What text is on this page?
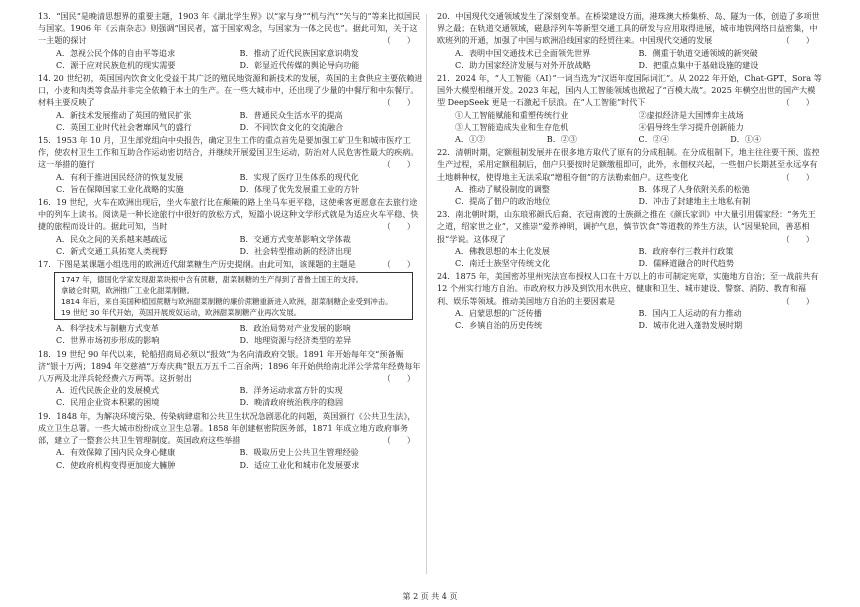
13．“国民”是晚清思想界的重要主题，1903 年《湖北学生界》以“家与身”“机与汽”“矢与的”等来比拟国民与国家。1906 年《云南杂志》则强调“国民者，富于国家观念，与国家为一体之民也”。据此可知，关于这一主题的探讨	（　　）
A．忽视公民个体的自由平等追求	B．推动了近代民族国家意识萌发
C．源于应对民族危机的现实需要	D．彰显近代传媒的舆论导向功能
14. 20 世纪初，英国国内饮食文化受益于其广泛的殖民地资源和新技术的发展，英国的主食供应主要依赖进口，小麦和肉类等食品并非完全依赖于本土的生产。在一些大城市中，还出现了少量的中餐厅和中东餐厅。材料主要反映了	（　　）
A．新技术发展推动了英国的殖民扩张	B．普通民众生活水平的提高
C．英国工业时代社会奢靡风气的盛行	D．不同饮食文化的交流融合
15．1953 年 10 月，卫生部党组向中央报告，确定卫生工作的重点首先是要加强工矿卫生和城市医疗工作，使农村卫生工作和互助合作运动密切结合，并继续开展爱国卫生运动，防治对人民危害性最大的疾病。这一举措的施行	（　　）
A．有利于推进国民经济的恢复发展	B．实现了医疗卫生体系的现代化
C．旨在保障国家工业化战略的实施	D．体现了优先发展重工业的方针
16．19 世纪，火车在欧洲出现后，坐火车旅行比在颠簸的路上坐马车更平稳，这使乘客更愿意在去旅行途中的列车上读书。阅读是一种长途旅行中很好的放松方式，短篇小说这种文学形式就是为适应火车平稳、快捷的旅程而设计的。据此可知，当时	（　　）
A．民众之间的关系越来越疏远	B．交通方式变革影响文学体裁
C．新式交通工具拓宽人类视野	D．社会转型推动新的经济出现
17．下图是某课题小组选用的欧洲近代甜菜糖生产历史提纲。由此可知，该课题的主题是	（　　）
1747 年，德国化学家发现甜菜块根中含有蔗糖，甜菜制糖的生产得到了普鲁士国王的支持。
拿破仑时期，欧洲推广工业化甜菜制糖。
1814 年后，来自美国种植园蔗糖与欧洲甜菜制糖的廉价蔗糖重新进入欧洲，甜菜制糖企业受到冲击。
19 世纪 30 年代开始，英国开展废奴运动，欧洲甜菜制糖产业再次发展。
A．科学技术与制糖方式变革	B．政治局势对产业发展的影响
C．世界市场初步形成的影响	D．地理资源与经济类型的差异
18．19 世纪 90 年代以来，轮船招商局必须以“报效”为名向清政府交银。1891 年开始每年交“预备赈济”银十万两；1894 年交慈禧“万寿庆典”银五万五千二百余两；1896 年开始供给南北洋公学常年经费每年八万两及北洋兵轮经费六万两等。这折射出	（　　）
A．近代民族企业的发展模式	B．洋务运动求富方针的实现
C．民用企业资本积累的困境	D．晚清政府统治秩序的稳固
19．1848 年，为解决环境污染、传染病肆虐和公共卫生状况急剧恶化的问题，英国颁行《公共卫生法》，成立卫生总署。一些大城市纷纷成立卫生总署。1858 年创建枢密院医务部，1871 年成立地方政府事务部，建立了一整套公共卫生管理制度。英国政府这些举措	（　　）
A．有效保障了国内民众身心健康	B．吸取历史上公共卫生管理经验
C．使政府机构变得更加庞大臃肿	D．适应工业化和城市化发展要求
20．中国现代交通领域发生了深刻变革。在桥梁建设方面，港珠澳大桥集桥、岛、隧为一体，创造了多项世界之最；在轨道交通领域，磁悬浮列车等新型交通工具的研发与应用取得进展，城市地铁网络日益密集，中欧班列的开通，加强了中国与欧洲沿线国家的经贸往来。中国现代交通的发展	（　　）
A．表明中国交通技术已全面领先世界	B．侧重于轨道交通领域的新突破
C．助力国家经济发展与对外开放战略	D．把重点集中于基础设施的建设
21．2024 年，“人工智能（AI）”一词当选为“汉语年度国际词汇”。从 2022 年开始，Chat-GPT、Sora 等国外大模型相继开发。2023 年起，国内人工智能领域也掀起了“百模大战”。2025 年横空出世的国产大模型 DeepSeek 更是一石激起千层浪。在“人工智能”时代下	（　　）
①人工智能赋能和重塑传统行业	②虚拟经济是大国博弈主战场
③人工智能造成失业和生存危机	④倡导终生学习提升创新能力
A．①②	B．②③	C．②④	D．①④
22．清朝时期，定额租制发展并在很多地方取代了原有的分成租制。在分成租制下，地主往往要干预、监控生产过程，采用定额租制后，佃户只要按时足额缴租即可，此外，永佃权兴起，一些佃户长期甚至永远享有土地耕种权，使得地主无法采取“增租夺佃”的方法勒索佃户。这些变化	（　　）
A．推动了赋役制度的调整	B．体现了人身依附关系的松弛
C．提高了佃户的政治地位	D．冲击了封建地主土地私有制
23．南北朝时期，山东琅邪颜氏后裔、衣冠南渡的士族颜之推在《颜氏家训》中大量引用儒家经：“务先王之道，绍家世之业”，又推崇“爱养神明，调护气息，慎节饮食”等道教的养生方法，认“因果轮回，善恶相报”学说。这体现了	（　　）
A．佛教思想的本土化发展	B．政府奉行三教并行政策
C．南迁士族坚守传统文化	D．儒释道融合的时代趋势
24．1875 年，美国密苏里州宪法宣布授权人口在十万以上的市可制定宪章，实施地方自治；至一战前共有 12 个州实行地方自治。市政府权力涉及到饮用水供应、健康和卫生、城市建设、警察、消防、教育和福利、娱乐等领域。推动美国地方自治的主要因素是	（　　）
A．启蒙思想的广泛传播	B．国内工人运动的有力推动
C．乡镇自治的历史传统	D．城市化进入蓬勃发展时期
第 2 页 共 4 页
